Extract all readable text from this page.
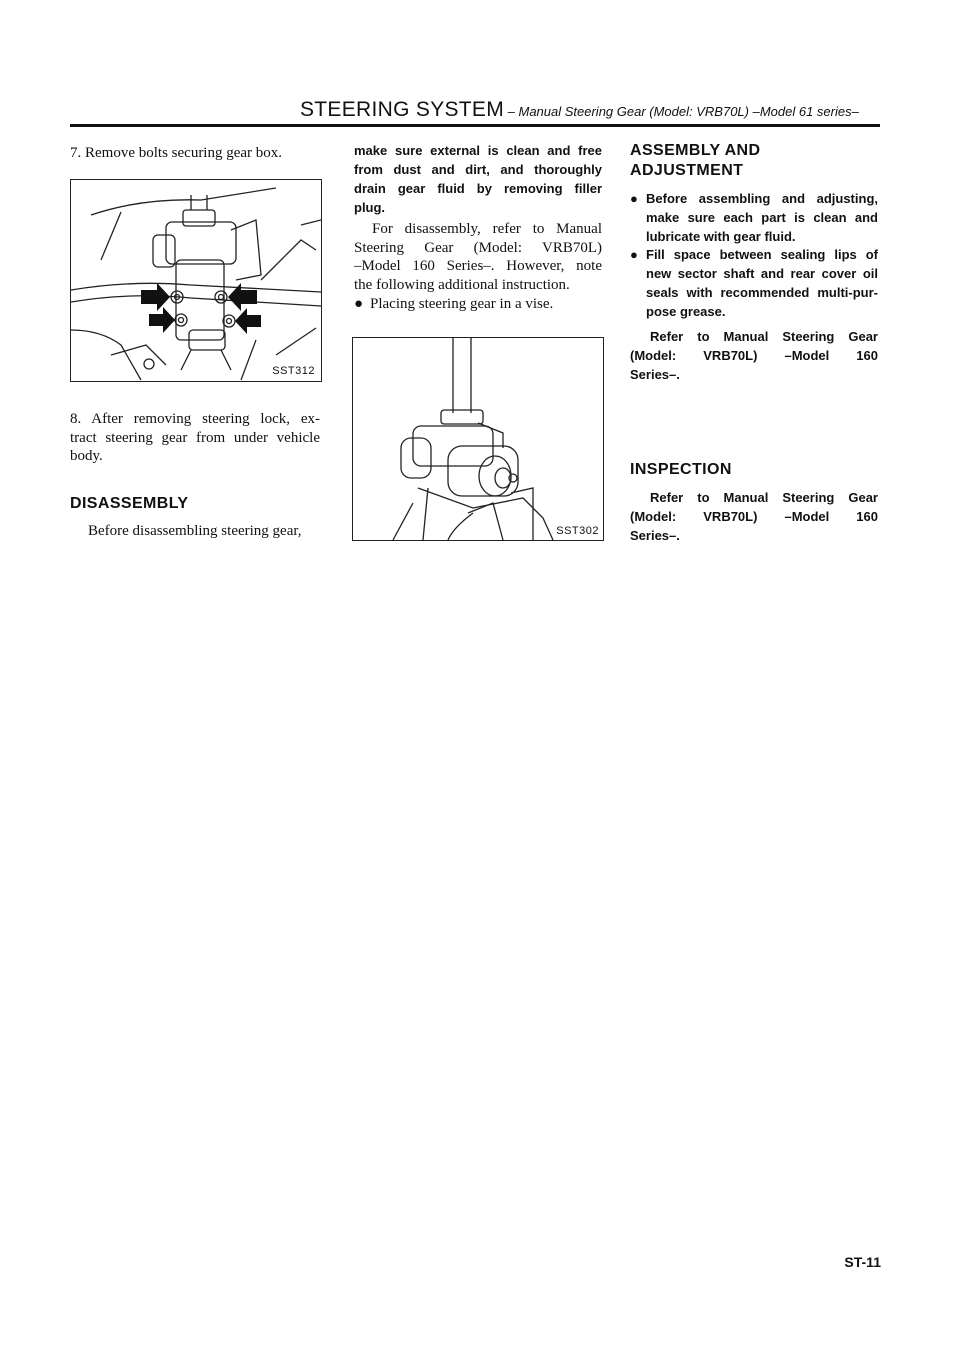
STEERING SYSTEM – Manual Steering Gear (Model: VRB70L) –Model 61 series–
7. Remove bolts securing gear box.
SST312
8. After removing steering lock, ex-
tract steering gear from under vehicle
body.
DISASSEMBLY
Before disassembling steering gear,
make sure external is clean and free
from dust and dirt, and thoroughly
drain gear fluid by removing filler
plug.
For disassembly, refer to Manual
Steering Gear (Model: VRB70L)
–Model 160 Series–. However, note
the following additional instruction.
● Placing steering gear in a vise.
SST302
ASSEMBLY AND
ADJUSTMENT
● Before assembling and adjusting,
make sure each part is clean and
lubricate with gear fluid.
● Fill space between sealing lips of
new sector shaft and rear cover oil
seals with recommended multi-pur-
pose grease.
Refer to Manual Steering Gear
(Model: VRB70L) –Model 160
Series–.
INSPECTION
Refer to Manual Steering Gear
(Model: VRB70L) –Model 160
Series–.
ST-11
